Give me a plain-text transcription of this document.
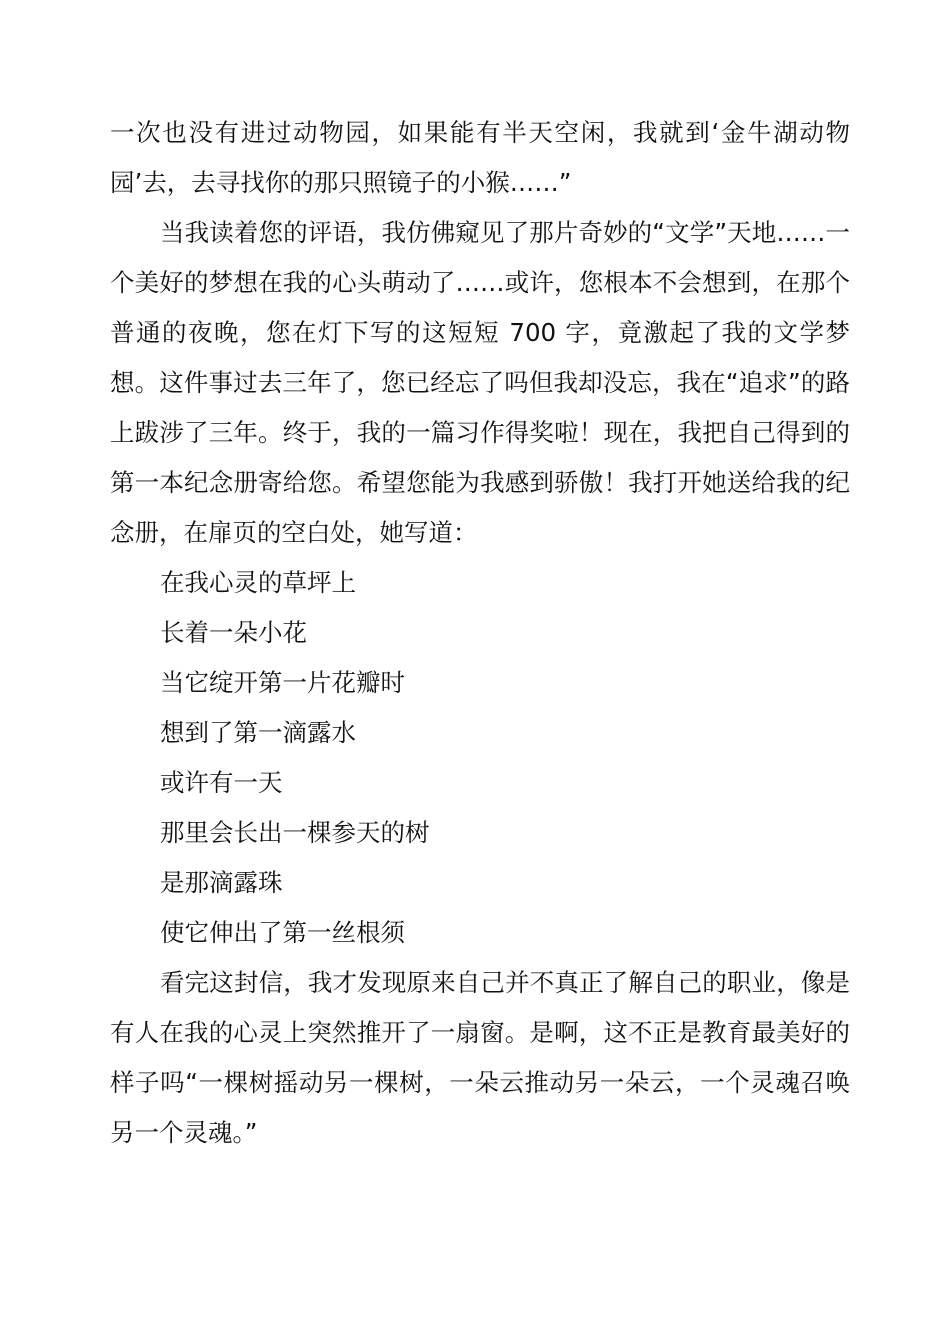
一次也没有进过动物园，如果能有半天空闲，我就到‘金牛湖动物园’去，去寻找你的那只照镜子的小猴……”

当我读着您的评语，我仿佛窥见了那片奇妙的“文学”天地……一个美好的梦想在我的心头萌动了……或许，您根本不会想到，在那个普通的夜晚，您在灯下写的这短短 700 字，竟激起了我的文学梦想。这件事过去三年了，您已经忘了吗但我却没忘，我在“追求”的路上跋涉了三年。终于，我的一篇习作得奖啦！现在，我把自己得到的第一本纪念册寄给您。希望您能为我感到骄傲！我打开她送给我的纪念册，在扉页的空白处，她写道：

在我心灵的草坪上

长着一朵小花

当它绽开第一片花瓣时

想到了第一滴露水

或许有一天

那里会长出一棵参天的树

是那滴露珠

使它伸出了第一丝根须

看完这封信，我才发现原来自己并不真正了解自己的职业，像是有人在我的心灵上突然推开了一扇窗。是啊，这不正是教育最美好的样子吗“一棵树摇动另一棵树，一朵云推动另一朵云，一个灵魂召唤另一个灵魂。”
